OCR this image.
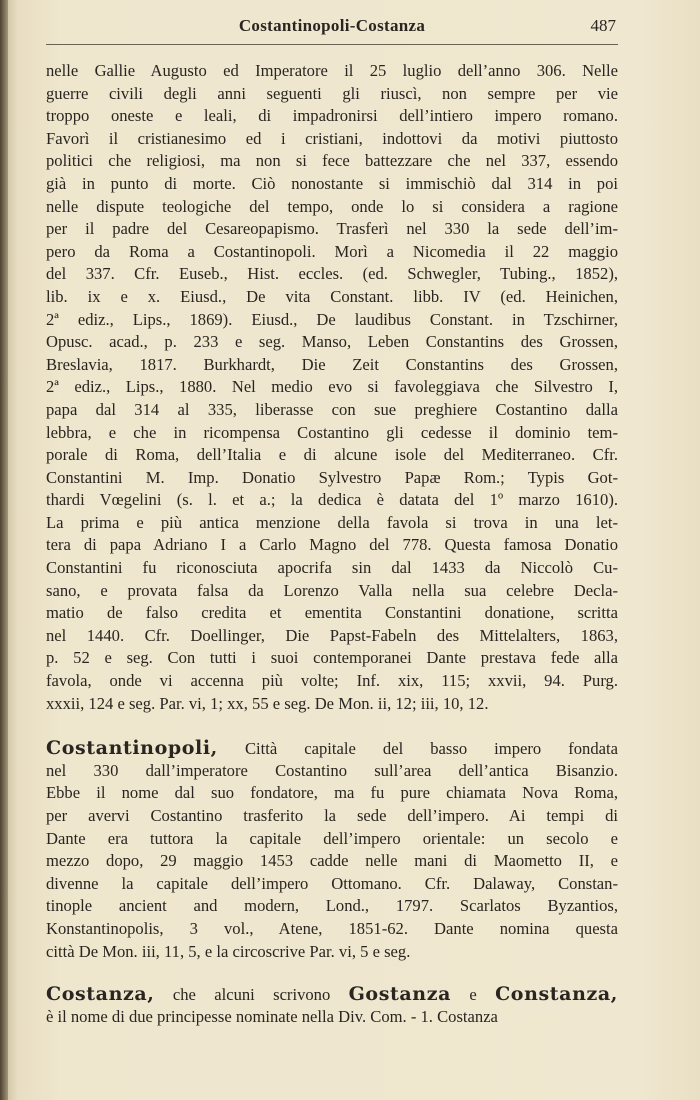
Costantinopoli-Costanza	487
nelle Gallie Augusto ed Imperatore il 25 luglio dell’anno 306. Nelle
guerre civili degli anni seguenti gli riuscì, non sempre per vie
troppo oneste e leali, di impadronirsi dell’intiero impero romano.
Favorì il cristianesimo ed i cristiani, indottovi da motivi piuttosto
politici che religiosi, ma non si fece battezzare che nel 337, essendo
già in punto di morte. Ciò nonostante si immischiò dal 314 in poi
nelle dispute teologiche del tempo, onde lo si considera a ragione
per il padre del Cesareopapismo. Trasferì nel 330 la sede dell’im-
pero da Roma a Costantinopoli. Morì a Nicomedia il 22 maggio
del 337. Cfr. Euseb., Hist. eccles. (ed. Schwegler, Tubing., 1852),
lib. ix e x. Eiusd., De vita Constant. libb. IV (ed. Heinichen,
2ª ediz., Lips., 1869). Eiusd., De laudibus Constant. in Tzschirner,
Opusc. acad., p. 233 e seg. Manso, Leben Constantins des Grossen,
Breslavia, 1817. Burkhardt, Die Zeit Constantins des Grossen,
2ª ediz., Lips., 1880. Nel medio evo si favoleggiava che Silvestro I,
papa dal 314 al 335, liberasse con sue preghiere Costantino dalla
lebbra, e che in ricompensa Costantino gli cedesse il dominio tem-
porale di Roma, dell’Italia e di alcune isole del Mediterraneo. Cfr.
Constantini M. Imp. Donatio Sylvestro Papæ Rom.; Typis Got-
thardi Vœgelini (s. l. et a.; la dedica è datata del 1º marzo 1610).
La prima e più antica menzione della favola si trova in una let-
tera di papa Adriano I a Carlo Magno del 778. Questa famosa Donatio
Constantini fu riconosciuta apocrifa sin dal 1433 da Niccolò Cu-
sano, e provata falsa da Lorenzo Valla nella sua celebre Decla-
matio de falso credita et ementita Constantini donatione, scritta
nel 1440. Cfr. Doellinger, Die Papst-Fabeln des Mittelalters, 1863,
p. 52 e seg. Con tutti i suoi contemporanei Dante prestava fede alla
favola, onde vi accenna più volte; Inf. xix, 115; xxvii, 94. Purg.
xxxii, 124 e seg. Par. vi, 1; xx, 55 e seg. De Mon. ii, 12; iii, 10, 12.
Costantinopoli, Città capitale del basso impero fondata
nel 330 dall’imperatore Costantino sull’area dell’antica Bisanzio.
Ebbe il nome dal suo fondatore, ma fu pure chiamata Nova Roma,
per avervi Costantino trasferito la sede dell’impero. Ai tempi di
Dante era tuttora la capitale dell’impero orientale: un secolo e
mezzo dopo, 29 maggio 1453 cadde nelle mani di Maometto II, e
divenne la capitale dell’impero Ottomano. Cfr. Dalaway, Constan-
tinople ancient and modern, Lond., 1797. Scarlatos Byzantios,
Konstantinopolis, 3 vol., Atene, 1851-62. Dante nomina questa
città De Mon. iii, 11, 5, e la circoscrive Par. vi, 5 e seg.
Costanza, che alcuni scrivono Gostanza e Constanza,
è il nome di due principesse nominate nella Div. Com. - 1. Costanza
